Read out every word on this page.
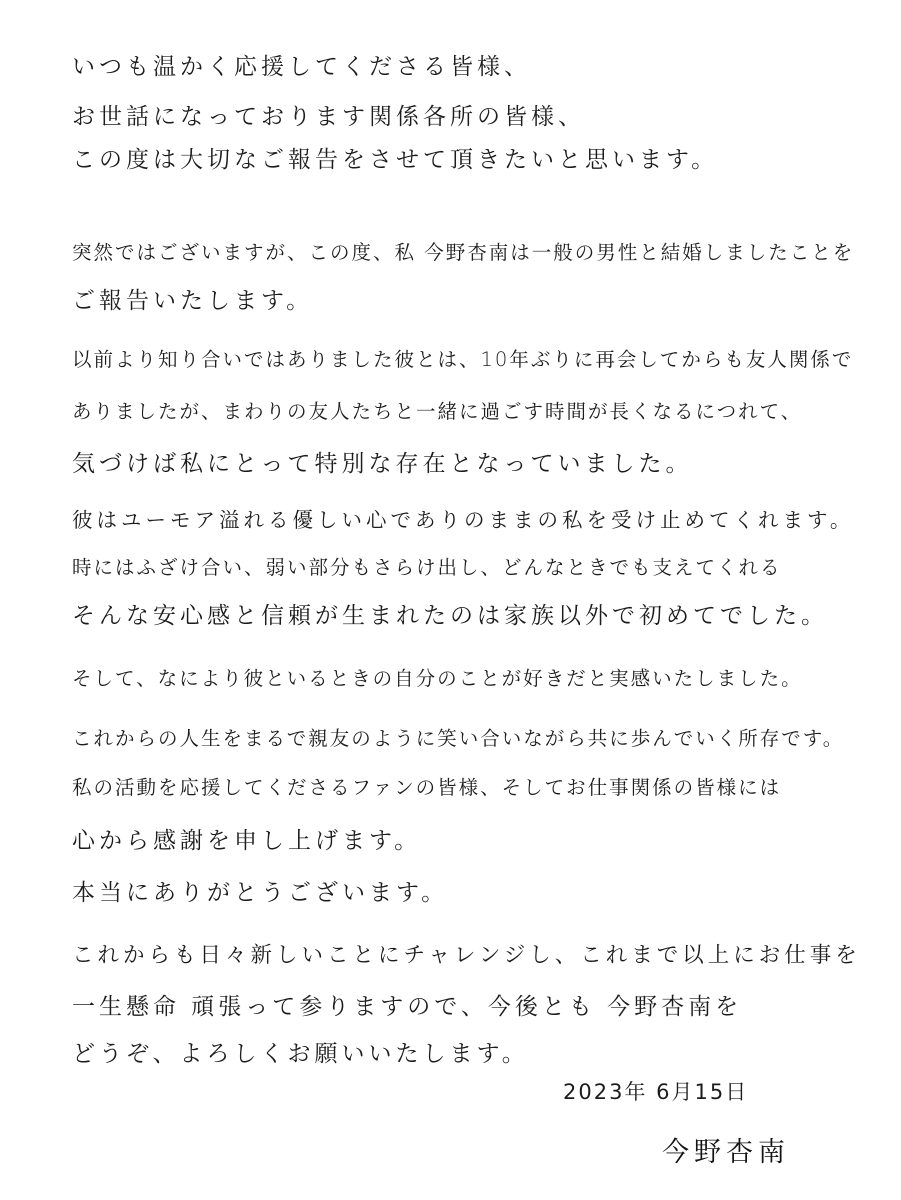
いつも温かく応援してくださる皆様、
お世話になっております関係各所の皆様、
この度は大切なご報告をさせて頂きたいと思います。
突然ではございますが、この度、私 今野杏南は一般の男性と結婚しましたことを
ご報告いたします。
以前より知り合いではありました彼とは、10年ぶりに再会してからも友人関係で
ありましたが、まわりの友人たちと一緒に過ごす時間が長くなるにつれて、
気づけば私にとって特別な存在となっていました。
彼はユーモア溢れる優しい心でありのままの私を受け止めてくれます。
時にはふざけ合い、弱い部分もさらけ出し、どんなときでも支えてくれる
そんな安心感と信頼が生まれたのは家族以外で初めてでした。
そして、なにより彼といるときの自分のことが好きだと実感いたしました。
これからの人生をまるで親友のように笑い合いながら共に歩んでいく所存です。
私の活動を応援してくださるファンの皆様、そしてお仕事関係の皆様には
心から感謝を申し上げます。
本当にありがとうございます。
これからも日々新しいことにチャレンジし、これまで以上にお仕事を
一生懸命 頑張って参りますので、今後とも 今野杏南を
どうぞ、よろしくお願いいたします。
2023年 6月15日
今野杏南
